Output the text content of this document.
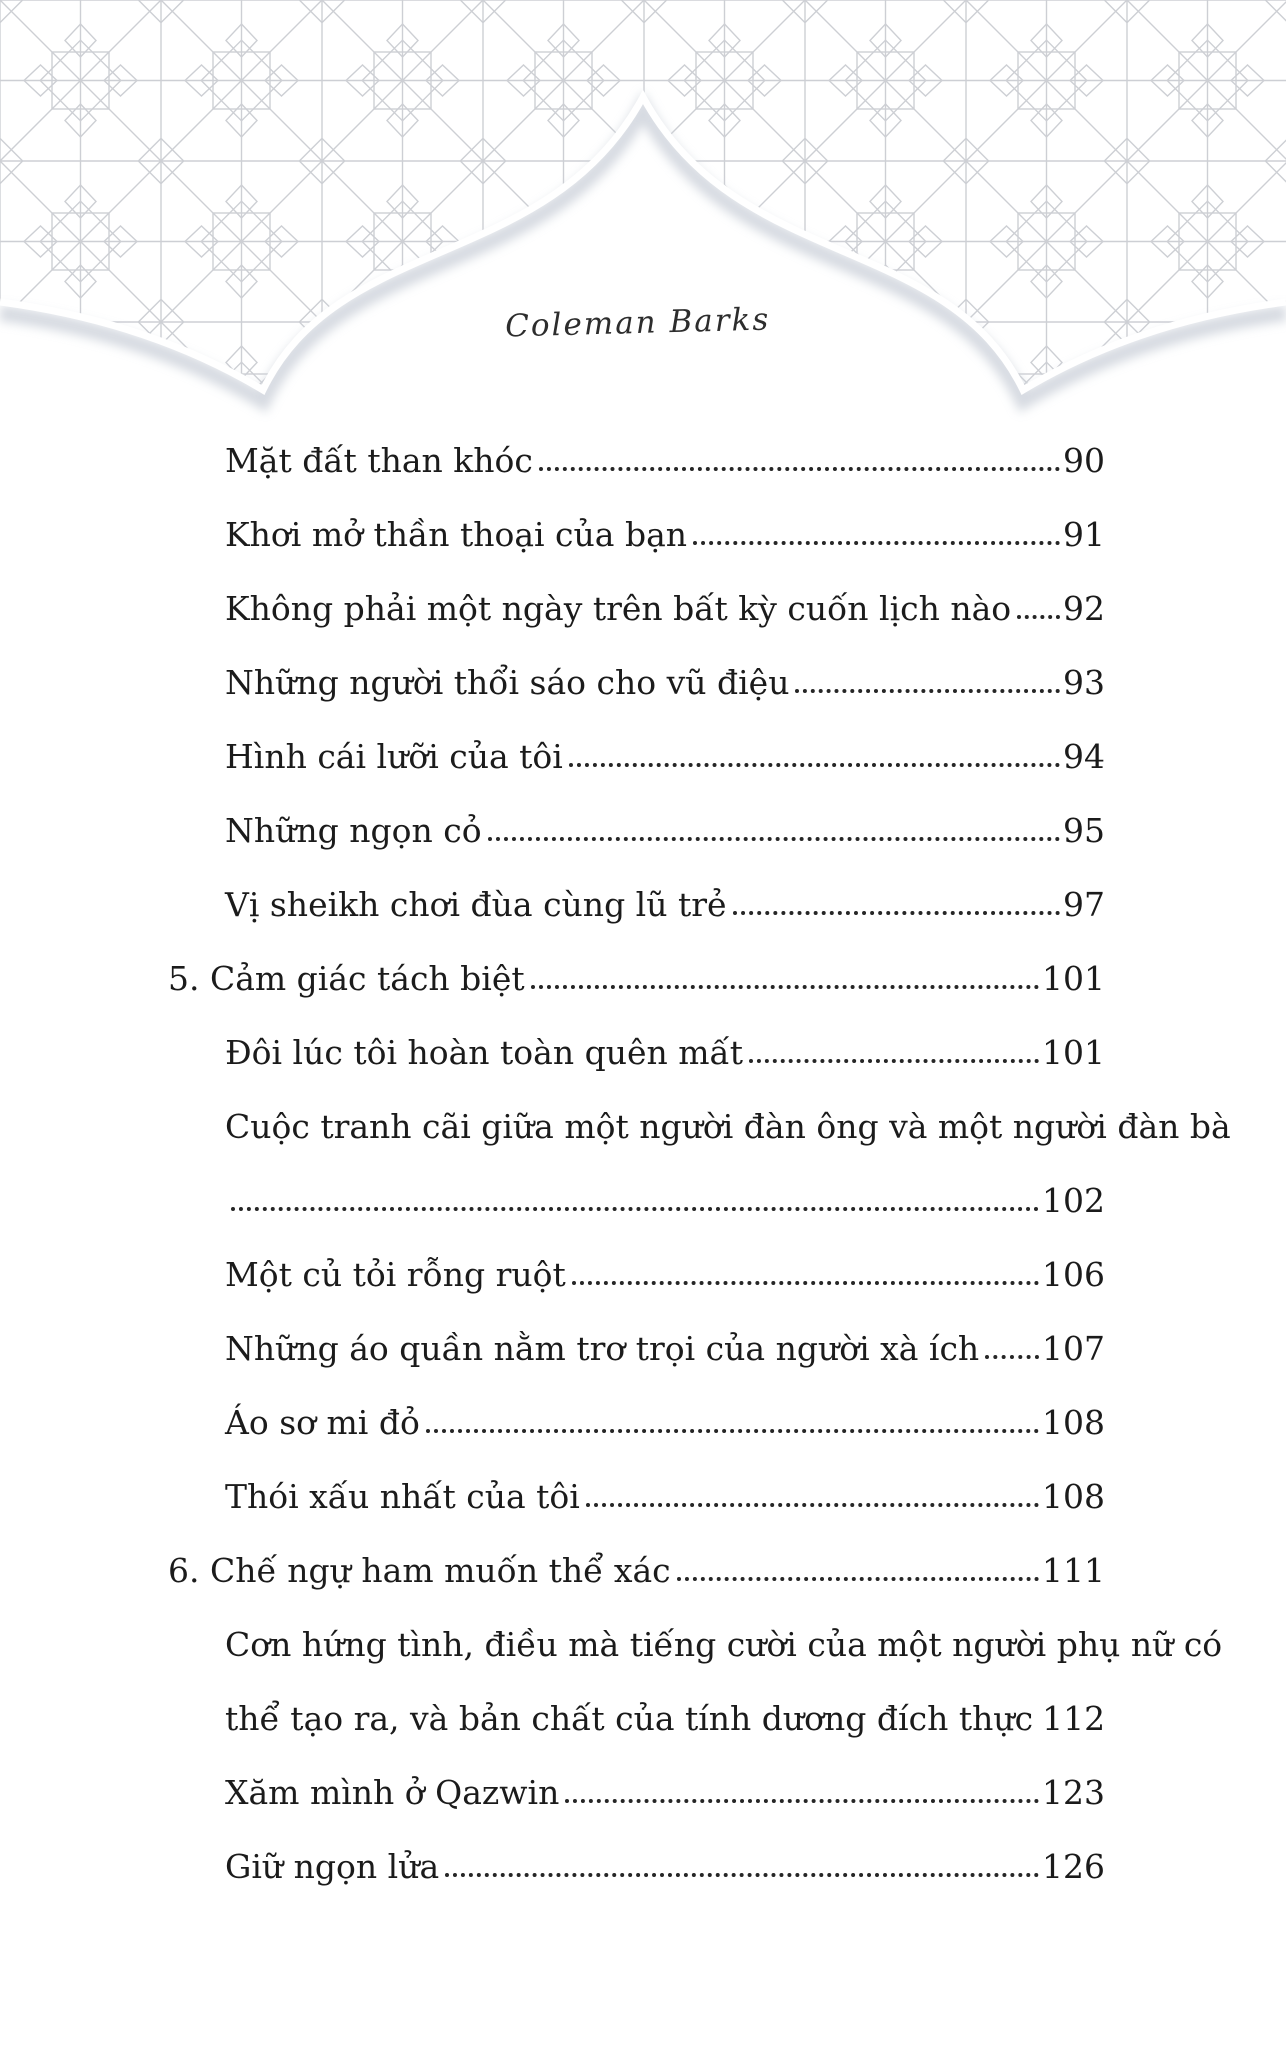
Coleman Barks
Mặt đất than khóc	90
Khơi mở thần thoại của bạn	91
Không phải một ngày trên bất kỳ cuốn lịch nào 92
Những người thổi sáo cho vũ điệu	93
Hình cái lưỡi của tôi	94
Những ngọn cỏ	95
Vị sheikh chơi đùa cùng lũ trẻ	97
5. Cảm giác tách biệt	101
Đôi lúc tôi hoàn toàn quên mất	101
Cuộc tranh cãi giữa một người đàn ông và một người đàn bà
102
Một củ tỏi rỗng ruột	106
Những áo quần nằm trơ trọi của người xà ích 107
Áo sơ mi đỏ	108
Thói xấu nhất của tôi	108
6. Chế ngự ham muốn thể xác	111
Cơn hứng tình, điều mà tiếng cười của một người phụ nữ có
thể tạo ra, và bản chất của tính dương đích thực 112
Xăm mình ở Qazwin	123
Giữ ngọn lửa	126
